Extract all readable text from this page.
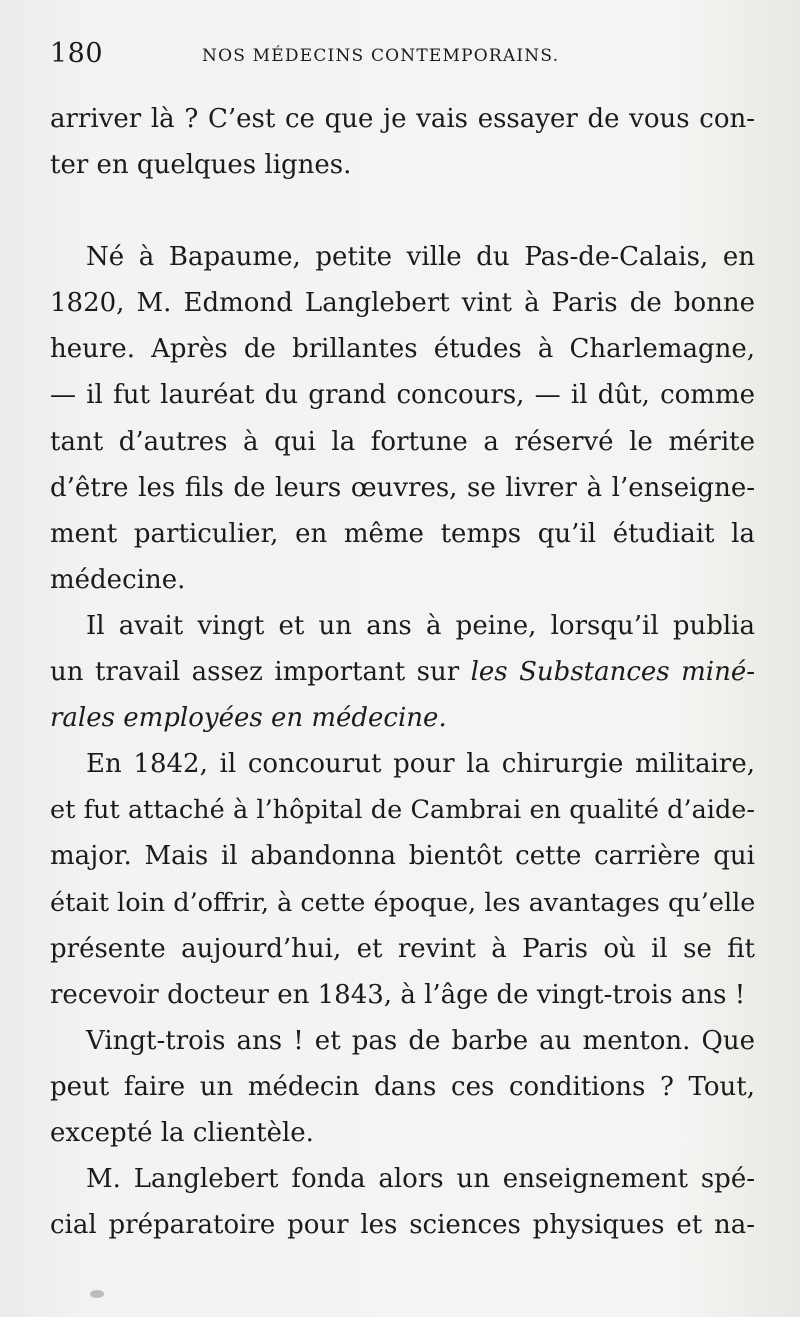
180	NOS MÉDECINS CONTEMPORAINS.
arriver là ? C’est ce que je vais essayer de vous con-
ter en quelques lignes.
Né à Bapaume, petite ville du Pas-de-Calais, en
1820, M. Edmond Langlebert vint à Paris de bonne
heure. Après de brillantes études à Charlemagne,
— il fut lauréat du grand concours, — il dût, comme
tant d’autres à qui la fortune a réservé le mérite
d’être les fils de leurs œuvres, se livrer à l’enseigne-
ment particulier, en même temps qu’il étudiait la
médecine.
Il avait vingt et un ans à peine, lorsqu’il publia
un travail assez important sur les Substances miné-
rales employées en médecine.
En 1842, il concourut pour la chirurgie militaire,
et fut attaché à l’hôpital de Cambrai en qualité d’aide-
major. Mais il abandonna bientôt cette carrière qui
était loin d’offrir, à cette époque, les avantages qu’elle
présente aujourd’hui, et revint à Paris où il se fit
recevoir docteur en 1843, à l’âge de vingt-trois ans !
Vingt-trois ans ! et pas de barbe au menton. Que
peut faire un médecin dans ces conditions ? Tout,
excepté la clientèle.
M. Langlebert fonda alors un enseignement spé-
cial préparatoire pour les sciences physiques et na-
